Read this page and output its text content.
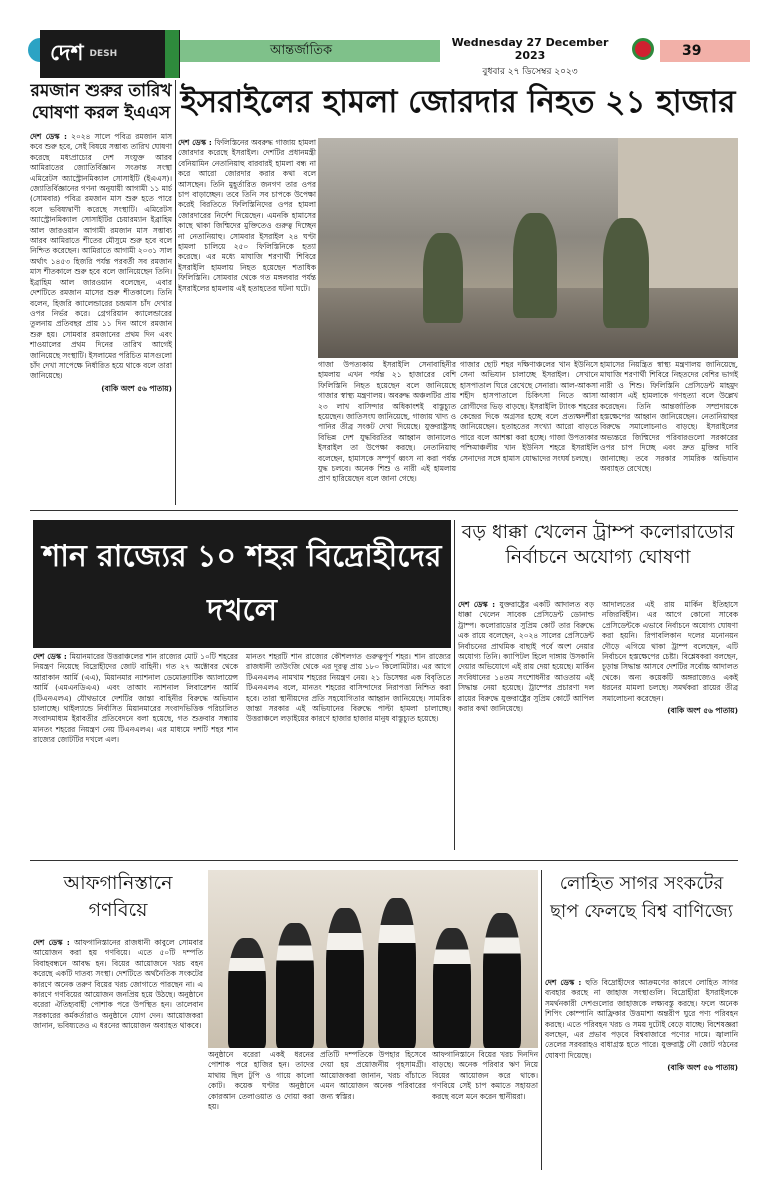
দেশ DESH	আন্তর্জাতিক	Wednesday 27 December 2023
বুধবার ২৭ ডিসেম্বর ২০২৩
39
রমজান শুরুর তারিখ ঘোষণা করল ইএএস

দেশ ডেস্ক : ২০২৪ সালে পবিত্র রমজান মাস কবে শুরু হবে, সেই বিষয়ে সম্ভাব্য তারিখ ঘোষণা করেছে মধ্যপ্রাচ্যের দেশ সংযুক্ত আরব আমিরাতের জ্যোতির্বিজ্ঞান সংক্রান্ত সংস্থা এমিরেটস অ্যাস্ট্রোনমিক্যাল সোসাইটি (ইএএস)। জ্যোতির্বিজ্ঞানের গণনা অনুযায়ী আগামী ১১ মার্চ (সোমবার) পবিত্র রমজান মাস শুরু হতে পারে বলে ভবিষ্যদ্বাণী করেছে সংস্থাটি। এমিরেটস অ্যাস্ট্রোনমিক্যাল সোসাইটির চেয়ারম্যান ইব্রাহিম আল জারওয়ান আগামী রমজান মাস সম্ভাব্য আরব আমিরাতে শীতের মৌসুমে শুরু হবে বলে নিশ্চিত করেছেন। আমিরাতে আগামী ২০৩১ সাল অর্থাৎ ১৪৫৩ হিজরি পর্যন্ত পরবর্তী সব রমজান মাস শীতকালে শুরু হবে বলে জানিয়েছেন তিনি। ইব্রাহিম আল জারওয়ান বলেছেন, এবার দেশটিতে রমজান মাসের শুরু শীতকালে। তিনি বলেন, হিজরি ক্যালেন্ডারের চন্দ্রমাস চাঁদ দেখার ওপর নির্ভর করে। গ্রেগরিয়ান ক্যালেন্ডারের তুলনায় প্রতিবছর প্রায় ১১ দিন আগে রমজান শুরু হয়। সোমবার রমজানের প্রথম দিন এবং শাওয়ালের প্রথম দিনের তারিখ আগেই জানিয়েছে সংস্থাটি। ইসলামের পরিচিত মাসগুলো চাঁদ দেখা সাপেক্ষে নির্ধারিত হয়ে থাকে বলে তারা জানিয়েছে।
(বাকি অংশ ৫৬ পাতায়)

ইসরাইলের হামলা জোরদার নিহত ২১ হাজার

দেশ ডেস্ক : ফিলিস্তিনের অবরুদ্ধ গাজায় হামলা জোরদার করেছে ইসরাইল। দেশটির প্রধানমন্ত্রী বেনিয়ামিন নেতানিয়াহু বারবারই হামলা বন্ধ না করে আরো জোরদার করার কথা বলে আসছেন। তিনি মুহূর্তারিত জনগণ তার ওপর চাপ বাড়াচ্ছেন। তবে তিনি সব চাপকে উপেক্ষা করেই বিরতিতে ফিলিস্তিনিদের ওপর হামলা জোরদারের নির্দেশ দিয়েছেন। এমনকি হামাসের কাছে থাকা জিম্মিদের মুক্তিতেও গুরুত্ব দিচ্ছেন না নেতানিয়াহু। সোমবার ইসরাইল ২৪ ঘণ্টা হামলা চালিয়ে ২৫০ ফিলিস্তিনিকে হত্যা করেছে। এর মধ্যে মাঘাজি শরণার্থী শিবিরে ইসরাইলি হামলায় নিহত হয়েছেন শতাধিক ফিলিস্তিনি। সোমবার থেকে গত মঙ্গলবার পর্যন্ত ইসরাইলের হামলায় এই হতাহতের ঘটনা ঘটে।

গাজা উপত্যকায় ইসরাইলি সেনাবাহিনীর হামলায় এখন পর্যন্ত ২১ হাজারের বেশি ফিলিস্তিনি নিহত হয়েছেন বলে জানিয়েছে গাজার স্বাস্থ্য মন্ত্রণালয়। অবরুদ্ধ অঞ্চলটির প্রায় ২৩ লাখ বাসিন্দার অধিকাংশই বাস্তুচ্যুত হয়েছেন। জাতিসংঘ জানিয়েছে, গাজায় খাদ্য ও পানির তীব্র সংকট দেখা দিয়েছে। যুক্তরাষ্ট্রসহ বিভিন্ন দেশ যুদ্ধবিরতির আহ্বান জানালেও ইসরাইল তা উপেক্ষা করছে। নেতানিয়াহু বলেছেন, হামাসকে সম্পূর্ণ ধ্বংস না করা পর্যন্ত যুদ্ধ চলবে। অনেক শিশু ও নারী এই হামলায় প্রাণ হারিয়েছেন বলে জানা গেছে।

গাজার ছোট শহর দক্ষিণাঞ্চলের খান ইউনিসে সেনা অভিযান চালাচ্ছে ইসরাইল। সেখানে হাসপাতাল ঘিরে রেখেছে সেনারা। আল-আকসা শহীদ হাসপাতালে চিকিৎসা নিতে আসা রোগীদের ভিড় বাড়ছে। ইসরাইলি ট্যাংক শহরের কেন্দ্রের দিকে অগ্রসর হচ্ছে বলে প্রত্যক্ষদর্শীরা জানিয়েছেন। হতাহতের সংখ্যা আরো বাড়তে পারে বলে আশঙ্কা করা হচ্ছে। গাজা উপত্যকার পশ্চিমাঞ্চলীয় খান ইউনিস শহরে ইসরাইলি সেনাদের সঙ্গে হামাস যোদ্ধাদের সংঘর্ষ চলছে।

হামাসের নিয়ন্ত্রিত স্বাস্থ্য মন্ত্রণালয় জানিয়েছে, মাঘাজি শরণার্থী শিবিরে নিহতদের বেশির ভাগই নারী ও শিশু। ফিলিস্তিনি প্রেসিডেন্ট মাহমুদ আব্বাস এই হামলাকে গণহত্যা বলে উল্লেখ করেছেন। তিনি আন্তর্জাতিক সম্প্রদায়কে হস্তক্ষেপের আহ্বান জানিয়েছেন। নেতানিয়াহুর বিরুদ্ধে সমালোচনাও বাড়ছে। ইসরাইলের অভ্যন্তরে জিম্মিদের পরিবারগুলো সরকারের ওপর চাপ দিচ্ছে এবং দ্রুত মুক্তির দাবি জানাচ্ছে। তবে সরকার সামরিক অভিযান অব্যাহত রেখেছে।

শান রাজ্যের ১০ শহর বিদ্রোহীদের দখলে

দেশ ডেস্ক : মিয়ানমারের উত্তরাঞ্চলের শান রাজ্যের মোট ১০টি শহরের নিয়ন্ত্রণ নিয়েছে বিদ্রোহীদের জোট বাহিনী। গত ২৭ অক্টোবর থেকে আরাকান আর্মি (এএ), মিয়ানমার ন্যাশনাল ডেমোক্র্যাটিক অ্যালায়েন্স আর্মি (এমএনডিএএ) এবং তাআং ন্যাশনাল লিবারেশন আর্মি (টিএনএলএ) যৌথভাবে দেশটির জান্তা বাহিনীর বিরুদ্ধে অভিযান চালাচ্ছে। থাইল্যান্ডে নির্বাসিত মিয়ানমারের সংবাদভিত্তিক পরিচালিত সংবাদমাধ্যম ইরাবতীর প্রতিবেদনে বলা হয়েছে, গত শুক্রবার সন্ধ্যায় মানতং শহরের নিয়ন্ত্রণ নেয় টিএনএলএ। এর মাধ্যমে দশটি শহর শান রাজ্যের জোটটির দখলে এল।

মানতং শহরটি শান রাজ্যের কৌশলগত গুরুত্বপূর্ণ শহর। শান রাজ্যের রাজধানী তাউংজি থেকে এর দূরত্ব প্রায় ১৮০ কিলোমিটার। এর আগে টিএনএলএ নামখাম শহরের নিয়ন্ত্রণ নেয়। ২১ ডিসেম্বর এক বিবৃতিতে টিএনএলএ বলে, মানতং শহরের বাসিন্দাদের নিরাপত্তা নিশ্চিত করা হবে। তারা স্থানীয়দের প্রতি সহযোগিতার আহ্বান জানিয়েছে। সামরিক জান্তা সরকার এই অভিযানের বিরুদ্ধে পাল্টা হামলা চালাচ্ছে। উত্তরাঞ্চলে লড়াইয়ের কারণে হাজার হাজার মানুষ বাস্তুচ্যুত হয়েছে।

বড় ধাক্কা খেলেন ট্রাম্প কলোরাডোর নির্বাচনে অযোগ্য ঘোষণা

দেশ ডেস্ক : যুক্তরাষ্ট্রের একটি আদালত বড় ধাক্কা খেলেন সাবেক প্রেসিডেন্ট ডোনাল্ড ট্রাম্প। কলোরাডোর সুপ্রিম কোর্ট তার বিরুদ্ধে এক রায়ে বলেছেন, ২০২৪ সালের প্রেসিডেন্ট নির্বাচনের প্রাথমিক বাছাই পর্বে অংশ নেয়ার অযোগ্য তিনি। ক্যাপিটল হিলে দাঙ্গায় উসকানি দেয়ার অভিযোগে এই রায় দেয়া হয়েছে। মার্কিন সংবিধানের ১৪তম সংশোধনীর আওতায় এই সিদ্ধান্ত নেয়া হয়েছে। ট্রাম্পের প্রচারণা দল রায়ের বিরুদ্ধে যুক্তরাষ্ট্রের সুপ্রিম কোর্টে আপিল করার কথা জানিয়েছে।

আদালতের এই রায় মার্কিন ইতিহাসে নজিরবিহীন। এর আগে কোনো সাবেক প্রেসিডেন্টকে এভাবে নির্বাচনে অযোগ্য ঘোষণা করা হয়নি। রিপাবলিকান দলের মনোনয়ন দৌড়ে এগিয়ে থাকা ট্রাম্প বলেছেন, এটি নির্বাচনে হস্তক্ষেপের চেষ্টা। বিশ্লেষকরা বলছেন, চূড়ান্ত সিদ্ধান্ত আসবে দেশটির সর্বোচ্চ আদালত থেকে। অন্য কয়েকটি অঙ্গরাজ্যেও একই ধরনের মামলা চলছে। সমর্থকরা রায়ের তীব্র সমালোচনা করেছেন।
(বাকি অংশ ৫৬ পাতায়)

আফগানিস্তানে গণবিয়ে

দেশ ডেস্ক : আফগানিস্তানের রাজধানী কাবুলে সোমবার আয়োজন করা হয় গণবিয়ে। এতে ৫০টি দম্পতি বিবাহবন্ধনে আবদ্ধ হন। বিয়ের আয়োজনে খরচ বহন করেছে একটি দাতব্য সংস্থা। দেশটিতে অর্থনৈতিক সংকটের কারণে অনেক তরুণ বিয়ের খরচ জোগাতে পারছেন না। এ কারণে গণবিয়ের আয়োজন জনপ্রিয় হয়ে উঠছে। অনুষ্ঠানে বরেরা ঐতিহ্যবাহী পোশাক পরে উপস্থিত হন। তালেবান সরকারের কর্মকর্তারাও অনুষ্ঠানে যোগ দেন। আয়োজকরা জানান, ভবিষ্যতেও এ ধরনের আয়োজন অব্যাহত থাকবে।

অনুষ্ঠানে বরেরা একই ধরনের পোশাক পরে হাজির হন। তাদের মাথায় ছিল টুপি ও গায়ে কালো কোট। কয়েক ঘণ্টার অনুষ্ঠানে কোরআন তেলাওয়াত ও দোয়া করা হয়।

প্রতিটি দম্পতিকে উপহার হিসেবে দেয়া হয় প্রয়োজনীয় গৃহসামগ্রী। আয়োজকরা জানান, খরচ বাঁচাতে এমন আয়োজন অনেক পরিবারের জন্য স্বস্তির।

আফগানিস্তানে বিয়ের খরচ দিনদিন বাড়ছে। অনেক পরিবার ঋণ নিয়ে বিয়ের আয়োজন করে থাকে। গণবিয়ে সেই চাপ কমাতে সহায়তা করছে বলে মনে করেন স্থানীয়রা।

লোহিত সাগর সংকটের ছাপ ফেলছে বিশ্ব বাণিজ্যে

দেশ ডেস্ক : হুতি বিদ্রোহীদের আক্রমণের কারণে লোহিত সাগর ব্যবহার করছে না জাহাজ সংস্থাগুলি। বিদ্রোহীরা ইসরাইলকে সমর্থনকারী দেশগুলোর জাহাজকে লক্ষ্যবস্তু করছে। ফলে অনেক শিপিং কোম্পানি আফ্রিকার উত্তমাশা অন্তরীপ ঘুরে পণ্য পরিবহন করছে। এতে পরিবহন খরচ ও সময় দুটোই বেড়ে যাচ্ছে। বিশেষজ্ঞরা বলছেন, এর প্রভাব পড়বে বিশ্ববাজারে পণ্যের দামে। জ্বালানি তেলের সরবরাহও বাধাগ্রস্ত হতে পারে। যুক্তরাষ্ট্র নৌ জোট গঠনের ঘোষণা দিয়েছে।
(বাকি অংশ ৫৬ পাতায়)
